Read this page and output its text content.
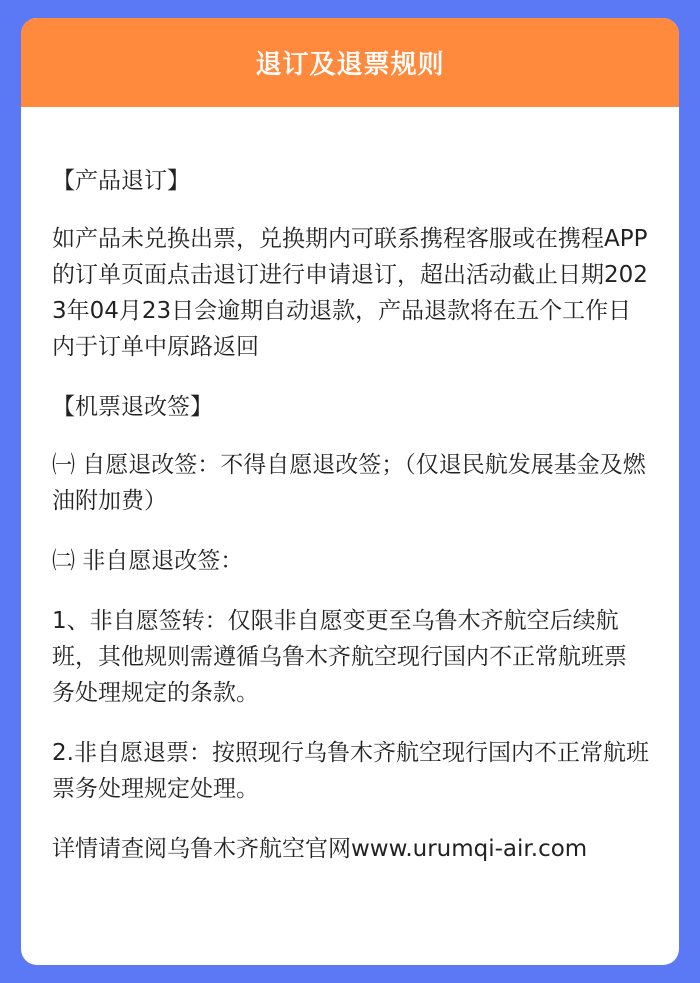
退订及退票规则

【产品退订】

如产品未兑换出票，兑换期内可联系携程客服或在携程APP的订单页面点击退订进行申请退订，超出活动截止日期2023年04月23日会逾期自动退款，产品退款将在五个工作日内于订单中原路返回

【机票退改签】

㈠ 自愿退改签：不得自愿退改签；（仅退民航发展基金及燃油附加费）

㈡ 非自愿退改签：

1、非自愿签转：仅限非自愿变更至乌鲁木齐航空后续航班，其他规则需遵循乌鲁木齐航空现行国内不正常航班票务处理规定的条款。

2.非自愿退票：按照现行乌鲁木齐航空现行国内不正常航班票务处理规定处理。

详情请查阅乌鲁木齐航空官网www.urumqi-air.com
